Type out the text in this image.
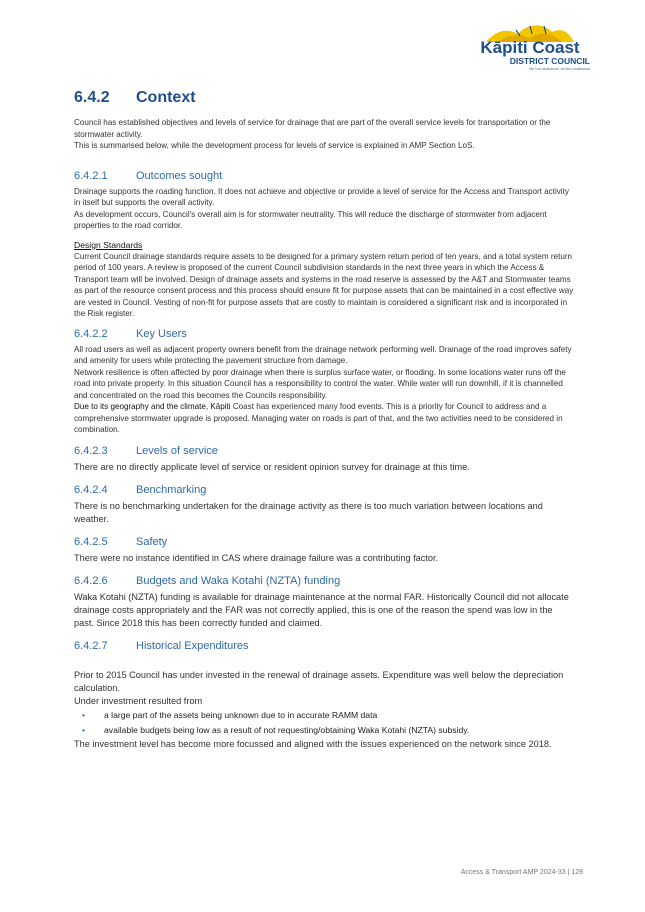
Kāpiti Coast
DISTRICT COUNCIL
Me huri whakamuri, ka titiro whakamua
6.4.2 Context

Council has established objectives and levels of service for drainage that are part of the overall service levels for transportation or the stormwater activity.

This is summarised below, while the development process for levels of service is explained in AMP Section LoS.

6.4.2.1	Outcomes sought

Drainage supports the roading function. It does not achieve and objective or provide a level of service for the Access and Transport activity in itself but supports the overall activity.

As development occurs, Council's overall aim is for stormwater neutrality. This will reduce the discharge of stormwater from adjacent properties to the road corridor.

Design Standards

Current Council drainage standards require assets to be designed for a primary system return period of ten years, and a total system return period of 100 years. A review is proposed of the current Council subdivision standards in the next three years in which the Access & Transport team will be involved. Design of drainage assets and systems in the road reserve is assessed by the A&T and Stormwater teams as part of the resource consent process and this process should ensure fit for purpose assets that can be maintained in a cost effective way are vested in Council. Vesting of non-fit for purpose assets that are costly to maintain is considered a significant risk and is incorporated in the Risk register.

6.4.2.2	Key Users

All road users as well as adjacent property owners benefit from the drainage network performing well. Drainage of the road improves safety and amenity for users while protecting the pavement structure from damage.

Network resilience is often affected by poor drainage when there is surplus surface water, or flooding. In some locations water runs off the road into private property. In this situation Council has a responsibility to control the water. While water will run downhill, if it is channelled and concentrated on the road this becomes the Councils responsibility.

Due to its geography and the climate, Kāpiti Coast has experienced many food events. This is a priority for Council to address and a comprehensive stormwater upgrade is proposed. Managing water on roads is part of that, and the two activities need to be considered in combination.

6.4.2.3	Levels of service

There are no directly applicate level of service or resident opinion survey for drainage at this time.

6.4.2.4	Benchmarking

There is no benchmarking undertaken for the drainage activity as there is too much variation between locations and weather.

6.4.2.5	Safety

There were no instance identified in CAS where drainage failure was a contributing factor.

6.4.2.6	Budgets and Waka Kotahi (NZTA) funding

Waka Kotahi (NZTA) funding is available for drainage maintenance at the normal FAR. Historically Council did not allocate drainage costs appropriately and the FAR was not correctly applied, this is one of the reason the spend was low in the past. Since 2018 this has been correctly funded and claimed.

6.4.2.7	Historical Expenditures

Prior to 2015 Council has under invested in the renewal of drainage assets. Expenditure was well below the depreciation calculation.

Under investment resulted from

• a large part of the assets being unknown due to in accurate RAMM data
• available budgets being low as a result of not requesting/obtaining Waka Kotahi (NZTA) subsidy.

The investment level has become more focussed and aligned with the issues experienced on the network since 2018.

Access & Transport AMP 2024-33 | 128
